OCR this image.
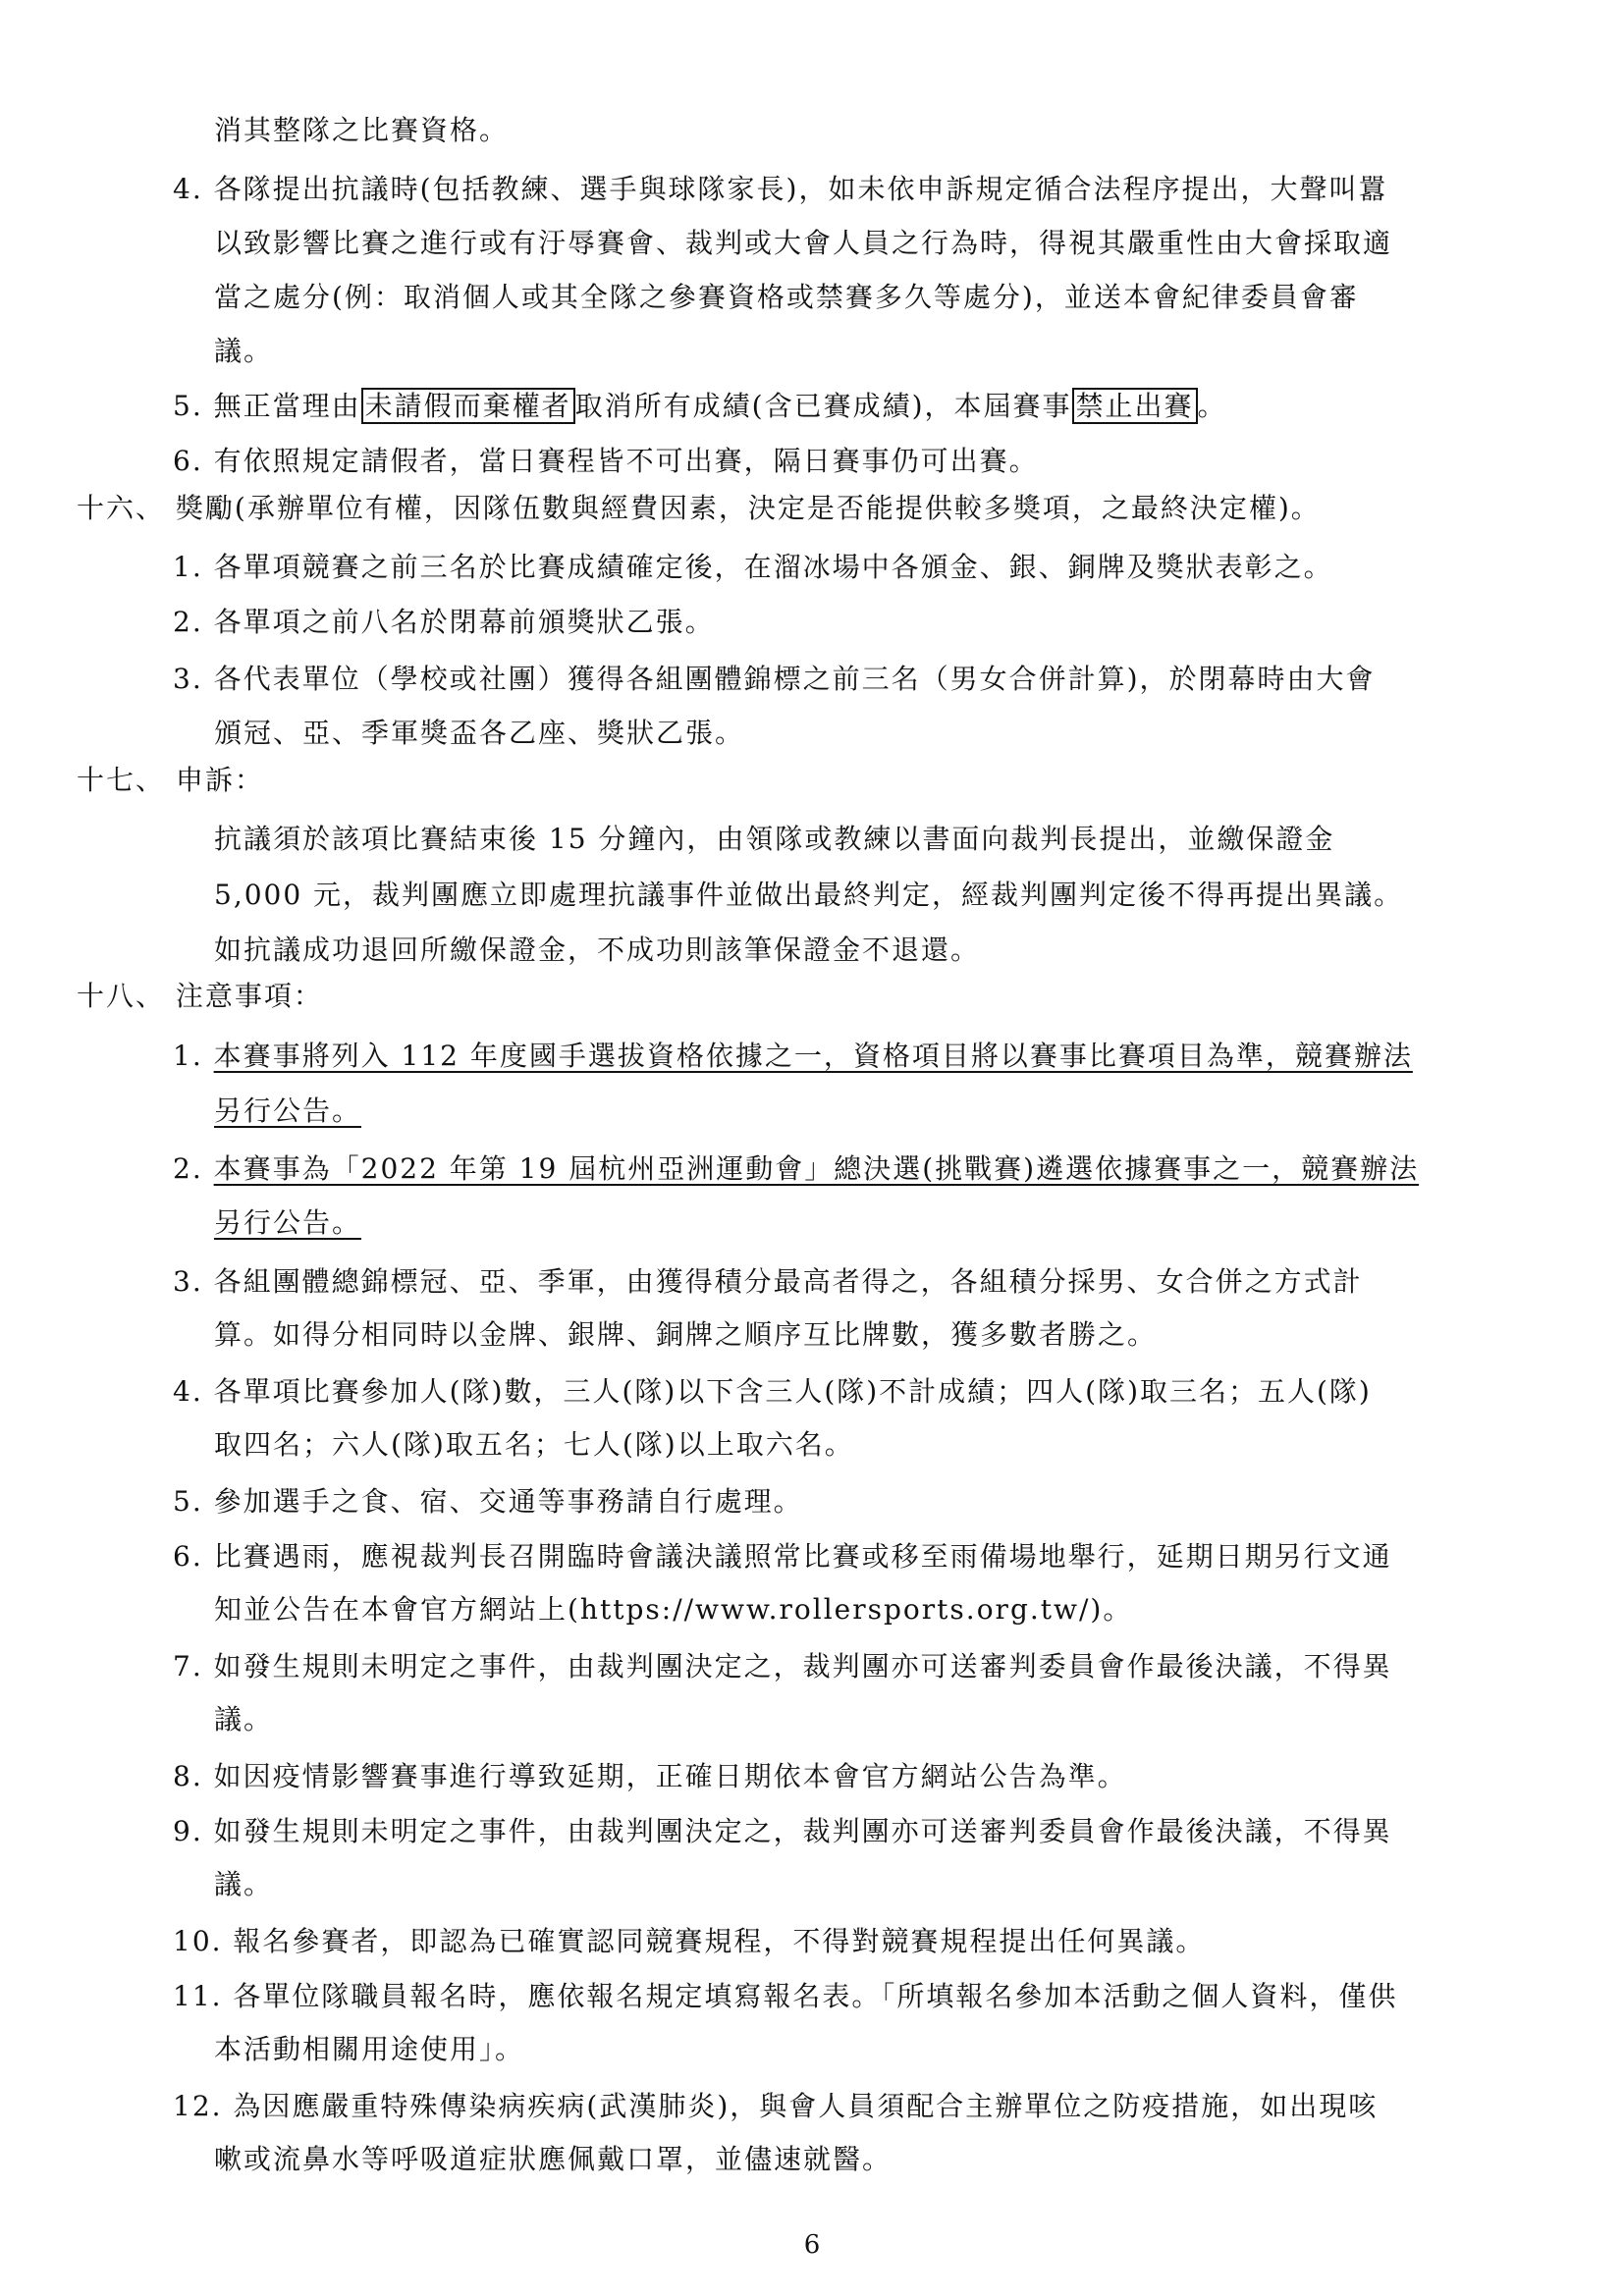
消其整隊之比賽資格。
4. 各隊提出抗議時(包括教練、選手與球隊家長)，如未依申訴規定循合法程序提出，大聲叫囂
以致影響比賽之進行或有汙辱賽會、裁判或大會人員之行為時，得視其嚴重性由大會採取適
當之處分(例：取消個人或其全隊之參賽資格或禁賽多久等處分)，並送本會紀律委員會審
議。
5. 無正當理由 未請假而棄權者 取消所有成績(含已賽成績)，本屆賽事 禁止出賽 。
6. 有依照規定請假者，當日賽程皆不可出賽，隔日賽事仍可出賽。
十六、 獎勵(承辦單位有權，因隊伍數與經費因素，決定是否能提供較多獎項，之最終決定權)。
1. 各單項競賽之前三名於比賽成績確定後，在溜冰場中各頒金、銀、銅牌及獎狀表彰之。
2. 各單項之前八名於閉幕前頒獎狀乙張。
3. 各代表單位（學校或社團）獲得各組團體錦標之前三名（男女合併計算)，於閉幕時由大會
頒冠、亞、季軍獎盃各乙座、獎狀乙張。
十七、 申訴：
抗議須於該項比賽結束後 15 分鐘內，由領隊或教練以書面向裁判長提出，並繳保證金
5,000 元，裁判團應立即處理抗議事件並做出最終判定，經裁判團判定後不得再提出異議。
如抗議成功退回所繳保證金，不成功則該筆保證金不退還。
十八、 注意事項：
1. 本賽事將列入 112 年度國手選拔資格依據之一，資格項目將以賽事比賽項目為準，競賽辦法
另行公告。
2. 本賽事為「2022 年第 19 屆杭州亞洲運動會」總決選(挑戰賽)遴選依據賽事之一，競賽辦法
另行公告。
3. 各組團體總錦標冠、亞、季軍，由獲得積分最高者得之，各組積分採男、女合併之方式計
算。如得分相同時以金牌、銀牌、銅牌之順序互比牌數，獲多數者勝之。
4. 各單項比賽參加人(隊)數，三人(隊)以下含三人(隊)不計成績；四人(隊)取三名；五人(隊)
取四名；六人(隊)取五名；七人(隊)以上取六名。
5. 參加選手之食、宿、交通等事務請自行處理。
6. 比賽遇雨，應視裁判長召開臨時會議決議照常比賽或移至雨備場地舉行，延期日期另行文通
知並公告在本會官方網站上(https://www.rollersports.org.tw/)。
7. 如發生規則未明定之事件，由裁判團決定之，裁判團亦可送審判委員會作最後決議，不得異
議。
8. 如因疫情影響賽事進行導致延期，正確日期依本會官方網站公告為準。
9. 如發生規則未明定之事件，由裁判團決定之，裁判團亦可送審判委員會作最後決議，不得異
議。
10. 報名參賽者，即認為已確實認同競賽規程，不得對競賽規程提出任何異議。
11. 各單位隊職員報名時，應依報名規定填寫報名表。「所填報名參加本活動之個人資料，僅供
本活動相關用途使用」。
12. 為因應嚴重特殊傳染病疾病(武漢肺炎)，與會人員須配合主辦單位之防疫措施，如出現咳
嗽或流鼻水等呼吸道症狀應佩戴口罩，並儘速就醫。
6
